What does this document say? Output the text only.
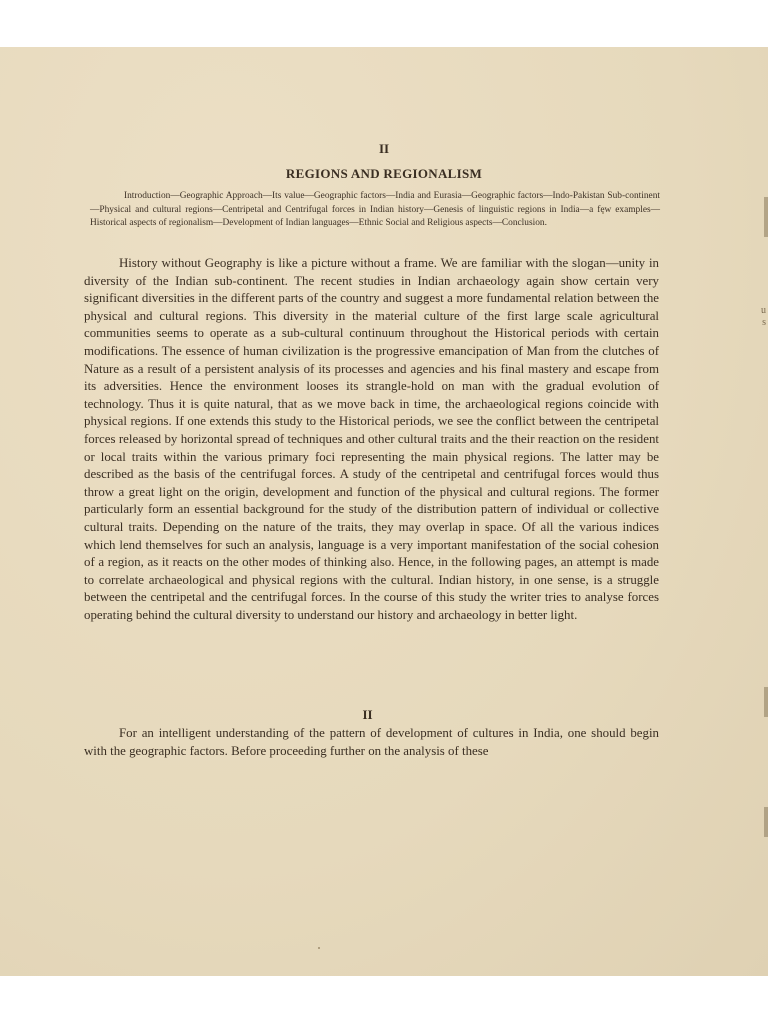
u
s
II
REGIONS AND REGIONALISM
Introduction—Geographic Approach—Its value—Geographic factors—India and Eurasia—Geographic factors—Indo-Pakistan Sub-continent—Physical and cultural regions—Centripetal and Centrifugal forces in Indian history—Genesis of linguistic regions in India—a few examples—Historical aspects of regionalism—Development of Indian languages—Ethnic Social and Religious aspects—Conclusion.
History without Geography is like a picture without a frame. We are familiar with the slogan—unity in diversity of the Indian sub-continent. The recent studies in Indian archaeology again show certain very significant diversities in the different parts of the country and suggest a more fundamental relation between the physical and cultural regions. This diversity in the material culture of the first large scale agricultural communities seems to operate as a sub-cultural continuum throughout the Historical periods with certain modifications. The essence of human civilization is the progressive emancipation of Man from the clutches of Nature as a result of a persistent analysis of its processes and agencies and his final mastery and escape from its adversities. Hence the environment looses its strangle-hold on man with the gradual evolution of technology. Thus it is quite natural, that as we move back in time, the archaeological regions coincide with physical regions. If one extends this study to the Historical periods, we see the conflict between the centripetal forces released by horizontal spread of techniques and other cultural traits and the their reaction on the resident or local traits within the various primary foci representing the main physical regions. The latter may be described as the basis of the centrifugal forces. A study of the centripetal and centrifugal forces would thus throw a great light on the origin, development and function of the physical and cultural regions. The former particularly form an essential background for the study of the distribution pattern of individual or collective cultural traits. Depending on the nature of the traits, they may overlap in space. Of all the various indices which lend themselves for such an analysis, language is a very important manifestation of the social cohesion of a region, as it reacts on the other modes of thinking also. Hence, in the following pages, an attempt is made to correlate archaeological and physical regions with the cultural. Indian history, in one sense, is a struggle between the centripetal and the centrifugal forces. In the course of this study the writer tries to analyse forces operating behind the cultural diversity to understand our history and archaeology in better light.
II
For an intelligent understanding of the pattern of development of cultures in India, one should begin with the geographic factors. Before proceeding further on the analysis of these
